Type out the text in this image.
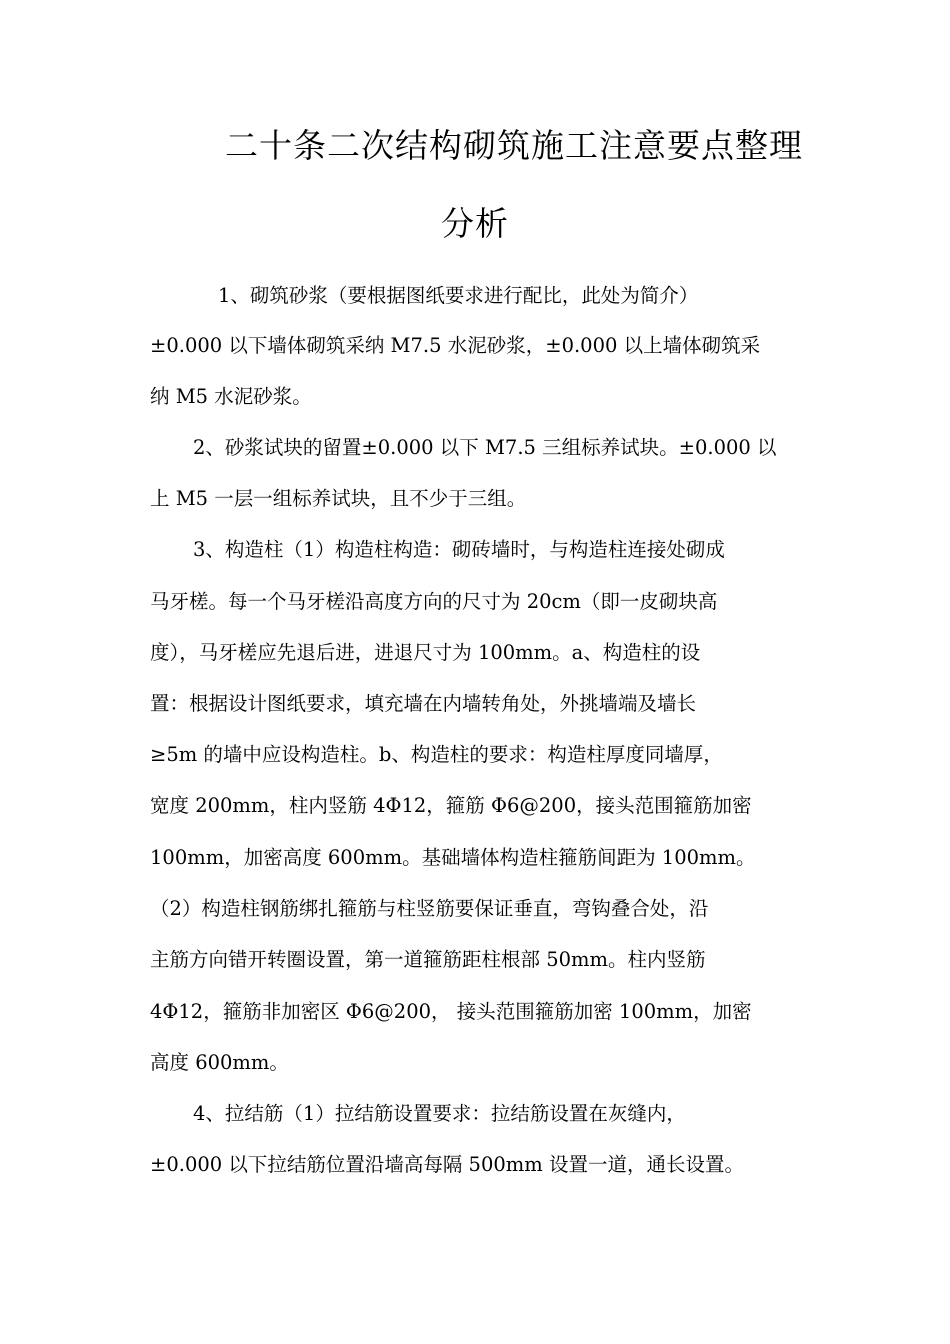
二十条二次结构砌筑施工注意要点整理
分析
1、砌筑砂浆（要根据图纸要求进行配比，此处为简介）
±0.000 以下墙体砌筑采纳 M7.5 水泥砂浆，±0.000 以上墙体砌筑采
纳 M5 水泥砂浆。
2、砂浆试块的留置±0.000 以下 M7.5 三组标养试块。±0.000 以
上 M5 一层一组标养试块，且不少于三组。
3、构造柱（1）构造柱构造：砌砖墙时，与构造柱连接处砌成
马牙槎。每一个马牙槎沿高度方向的尺寸为 20cm（即一皮砌块高
度），马牙槎应先退后进，进退尺寸为 100mm。a、构造柱的设
置：根据设计图纸要求，填充墙在内墙转角处，外挑墙端及墙长
≥5m 的墙中应设构造柱。b、构造柱的要求：构造柱厚度同墙厚，
宽度 200mm，柱内竖筋 4Φ12，箍筋 Φ6@200，接头范围箍筋加密
100mm，加密高度 600mm。基础墙体构造柱箍筋间距为 100mm。
（2）构造柱钢筋绑扎箍筋与柱竖筋要保证垂直，弯钩叠合处，沿
主筋方向错开转圈设置，第一道箍筋距柱根部 50mm。柱内竖筋
4Φ12，箍筋非加密区 Φ6@200， 接头范围箍筋加密 100mm，加密
高度 600mm。
4、拉结筋（1）拉结筋设置要求：拉结筋设置在灰缝内，
±0.000 以下拉结筋位置沿墙高每隔 500mm 设置一道，通长设置。
